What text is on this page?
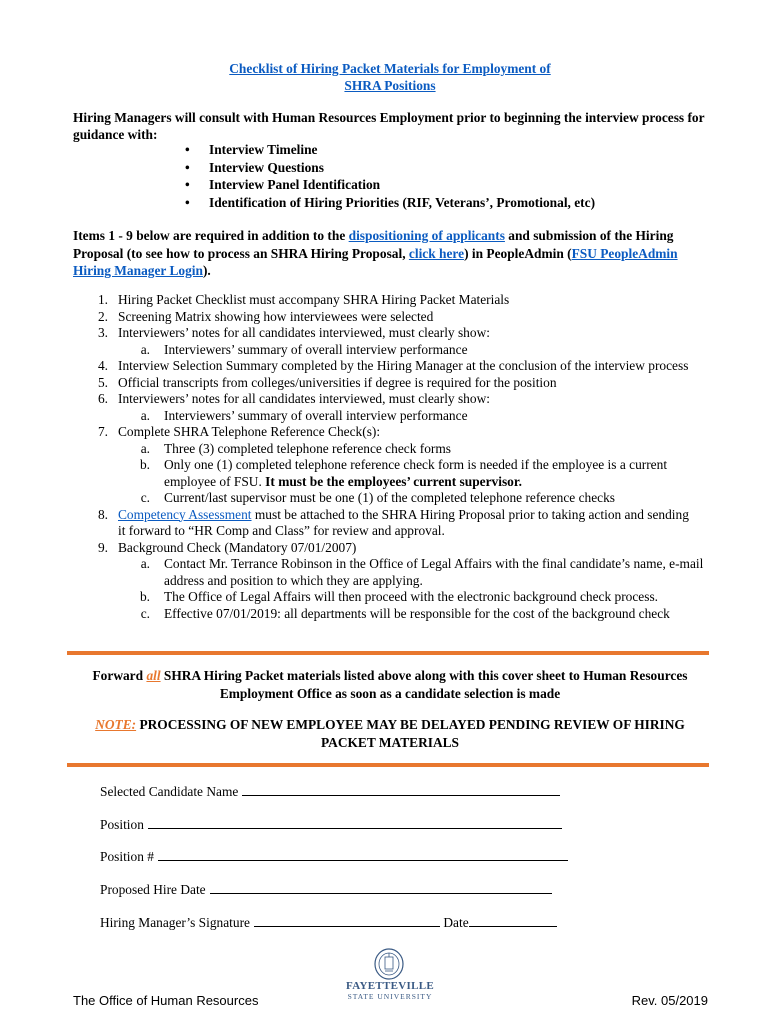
Checklist of Hiring Packet Materials for Employment of
SHRA Positions
Hiring Managers will consult with Human Resources Employment prior to beginning the interview process for guidance with:
• Interview Timeline
• Interview Questions
• Interview Panel Identification
• Identification of Hiring Priorities (RIF, Veterans’, Promotional, etc)
Items 1 - 9 below are required in addition to the dispositioning of applicants and submission of the Hiring Proposal (to see how to process an SHRA Hiring Proposal, click here) in PeopleAdmin (FSU PeopleAdmin Hiring Manager Login).
1. Hiring Packet Checklist must accompany SHRA Hiring Packet Materials
2. Screening Matrix showing how interviewees were selected
3. Interviewers’ notes for all candidates interviewed, must clearly show:
a. Interviewers’ summary of overall interview performance
4. Interview Selection Summary completed by the Hiring Manager at the conclusion of the interview process
5. Official transcripts from colleges/universities if degree is required for the position
6. Interviewers’ notes for all candidates interviewed, must clearly show:
a. Interviewers’ summary of overall interview performance
7. Complete SHRA Telephone Reference Check(s):
a. Three (3) completed telephone reference check forms
b. Only one (1) completed telephone reference check form is needed if the employee is a current employee of FSU. It must be the employees’ current supervisor.
c. Current/last supervisor must be one (1) of the completed telephone reference checks
8. Competency Assessment must be attached to the SHRA Hiring Proposal prior to taking action and sending it forward to “HR Comp and Class” for review and approval.
9. Background Check (Mandatory 07/01/2007)
a. Contact Mr. Terrance Robinson in the Office of Legal Affairs with the final candidate’s name, e-mail address and position to which they are applying.
b. The Office of Legal Affairs will then proceed with the electronic background check process.
c. Effective 07/01/2019: all departments will be responsible for the cost of the background check
Forward all SHRA Hiring Packet materials listed above along with this cover sheet to Human Resources Employment Office as soon as a candidate selection is made
NOTE: PROCESSING OF NEW EMPLOYEE MAY BE DELAYED PENDING REVIEW OF HIRING PACKET MATERIALS
Selected Candidate Name
Position
Position #
Proposed Hire Date
Hiring Manager’s Signature	Date
FAYETTEVILLE
STATE UNIVERSITY
The Office of Human Resources	Rev. 05/2019
